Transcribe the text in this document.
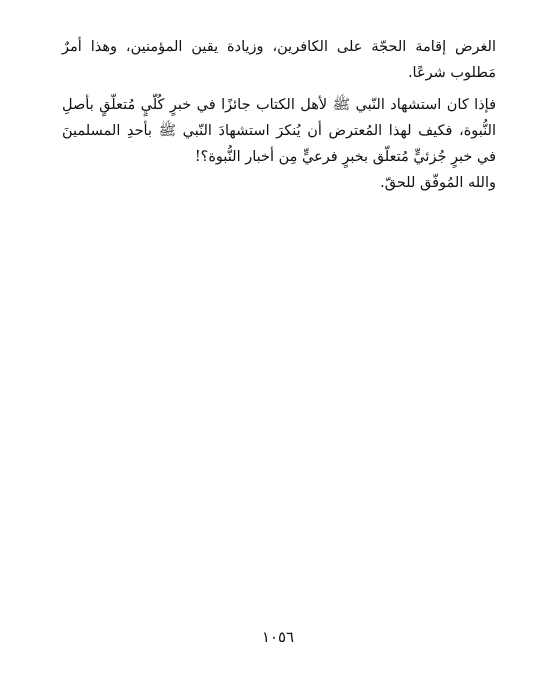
الغرض إقامة الحجّة على الكافرين، وزيادة يقين المؤمنين، وهذا أمرٌ مَطلوب شرعًا.

فإذا كان استشهاد النّبي ﷺ لأهل الكتاب جائزًا في خبرٍ كُلّيٍ مُتعلّقٍ بأصلِ النُّبوة، فكيف لهذا المُعترض أن يُنكرَ استشهادَ النّبي ﷺ بأحدِ المسلمينَ في خبرٍ جُزئيٍّ مُتعلّق بخبرٍ فرعيٍّ مِن أخبار النُّبوة؟!

والله المُوفّق للحقّ.

١٠٥٦
